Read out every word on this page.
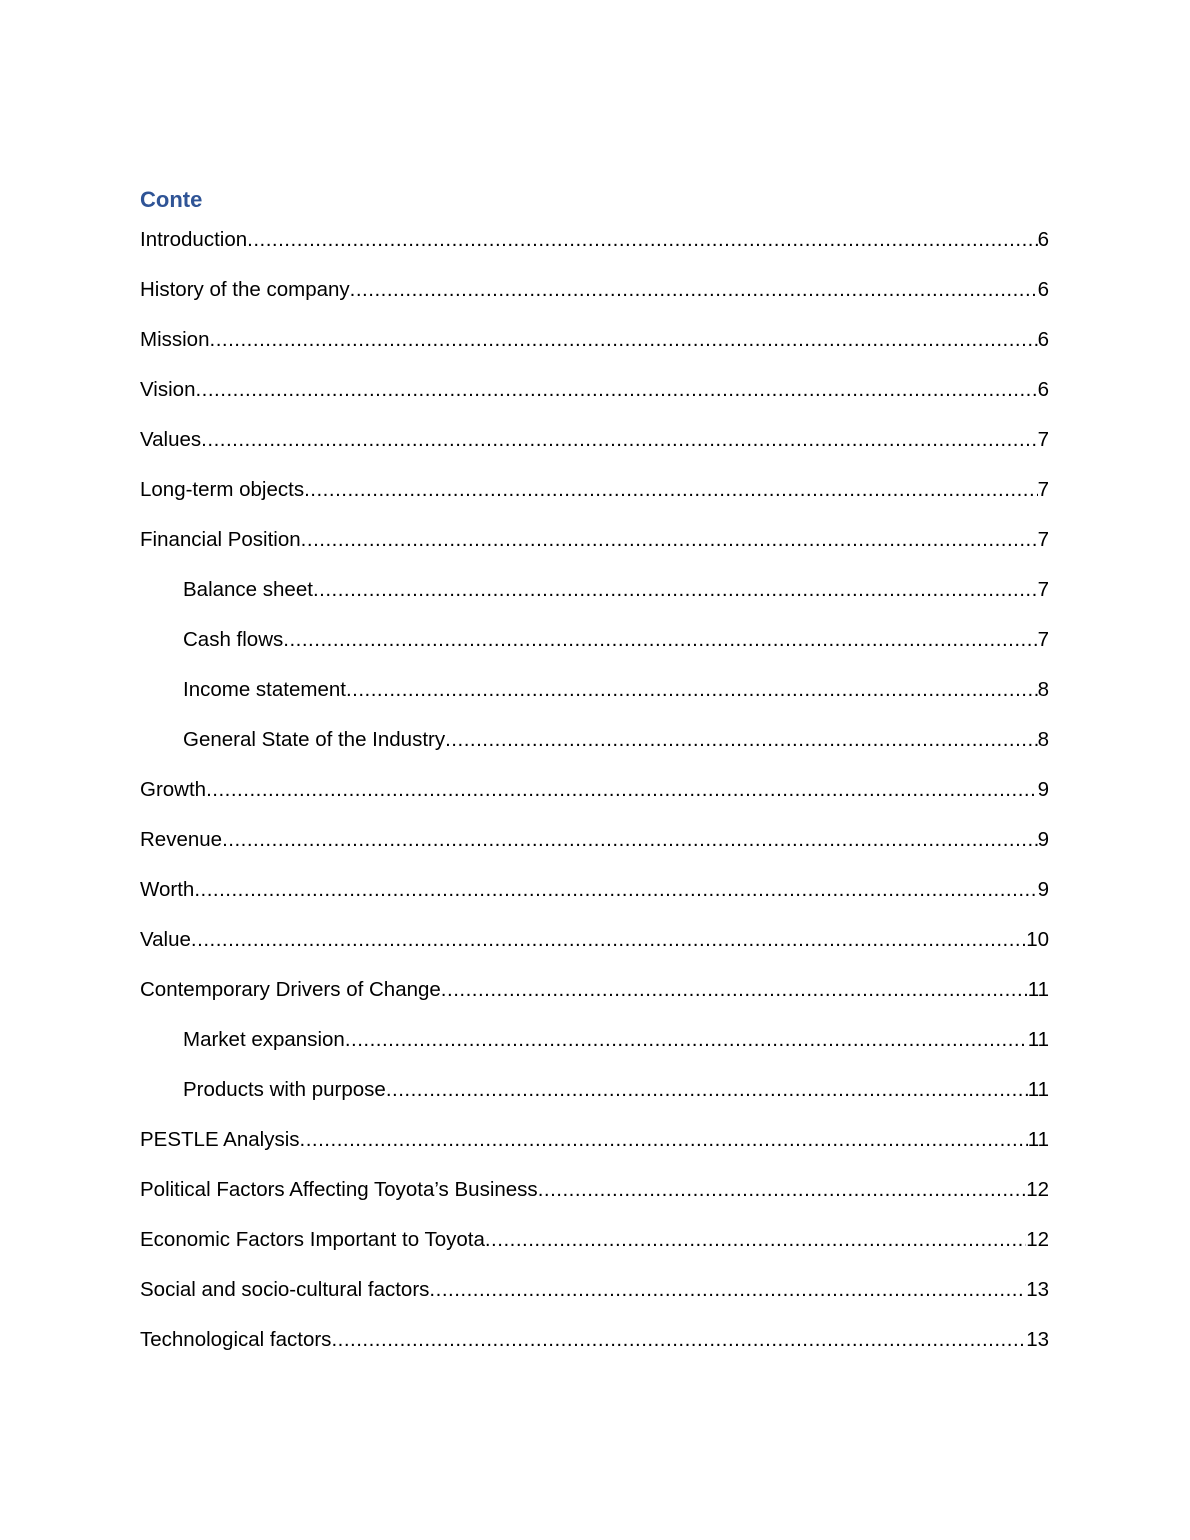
Conte
Introduction .....	6
History of the company .....	6
Mission .....	6
Vision .....	6
Values .....	7
Long-term objects .....	7
Financial Position .....	7
Balance sheet .....	7
Cash flows .....	7
Income statement .....	8
General State of the Industry .....	8
Growth .....	9
Revenue .....	9
Worth .....	9
Value .....	10
Contemporary Drivers of Change .....	11
Market expansion .....	11
Products with purpose .....	11
PESTLE Analysis .....	11
Political Factors Affecting Toyota’s Business .....	12
Economic Factors Important to Toyota .....	12
Social and socio-cultural factors .....	13
Technological factors .....	13
